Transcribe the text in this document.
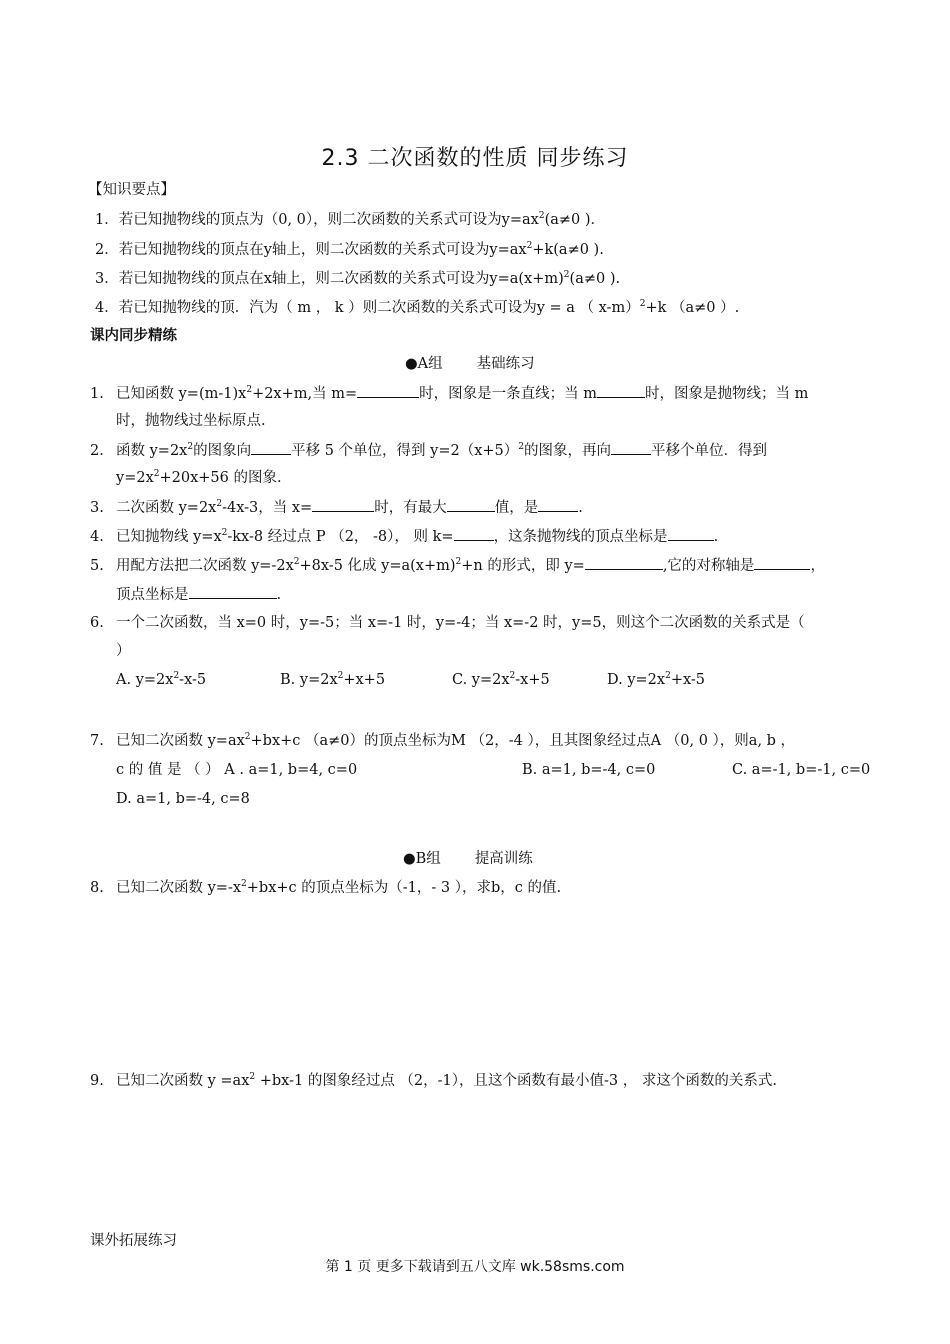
2.3 二次函数的性质 同步练习
【知识要点】
1．若已知抛物线的顶点为（0, 0），则二次函数的关系式可设为$y=ax^2(a\ne 0$ )．
2．若已知抛物线的顶点在y轴上，则二次函数的关系式可设为$y=ax^2+k(a\ne 0$ ).
3．若已知抛物线的顶点在x轴上，则二次函数的关系式可设为$y=a(x+m)^2(a\ne 0$ ).
4．若已知抛物线的顶．汽为（ m ， k ）则二次函数的关系式可设为y = a （ x-m）$^2$+k （a≠0 ）.
课内同步精练
●A组 基础练习
1. 已知函数 $y=(m-1)x^2+2x+m$,当 m=	时，图象是一条直线；当 m	时，图象是抛物线；当 m
时，抛物线过坐标原点.
2. 函数 $y=2x^2$的图象向	平移 5 个单位，得到 $y=2(x+5)^2$的图象，再向	平移个单位．得到
$y=2x^2+20x+56$ 的图象.
3. 二次函数 $y=2x^2-4x-3$，当 x=	时，有最大	值，是	.
4. 已知抛物线 $y=x^2-kx-8$ 经过点 P （2， -8）， 则 k=	，这条抛物线的顶点坐标是	.
5. 用配方法把二次函数 $y=-2x^2+8x-5$ 化成 $y=a(x+m)^2+n$ 的形式，即 y=	,它的对称轴是	，
顶点坐标是	.
6. 一个二次函数，当 x=0 时，y=-5；当 x=-1 时，y=-4；当 x=-2 时，y=5，则这个二次函数的关系式是（
）
A. $y=2x^2-x-5$	B. $y=2x^2+x+5$	C. $y=2x^2-x+5$	D. $y=2x^2+x-5$
7. 已知二次函数 $y=ax^2+bx+c$ （a≠0）的顶点坐标为M （2，-4 ），且其图象经过点A （0, 0 ），则a, b ，
c 的 值 是 （ ） A . a=1, b=4, c=0	B. a=1, b=-4, c=0	C. a=-1, b=-1, c=0
D. a=1, b=-4, c=8
●B组 提高训练
8. 已知二次函数 $y=-x^2+bx+c$ 的顶点坐标为（-1，- 3 ），求b，c 的值.
9. 已知二次函数 $y =ax^2 +bx-1$ 的图象经过点 （2，-1），且这个函数有最小值-3 ， 求这个函数的关系式.
课外拓展练习
第 1 页 更多下载请到五八文库 wk.58sms.com
